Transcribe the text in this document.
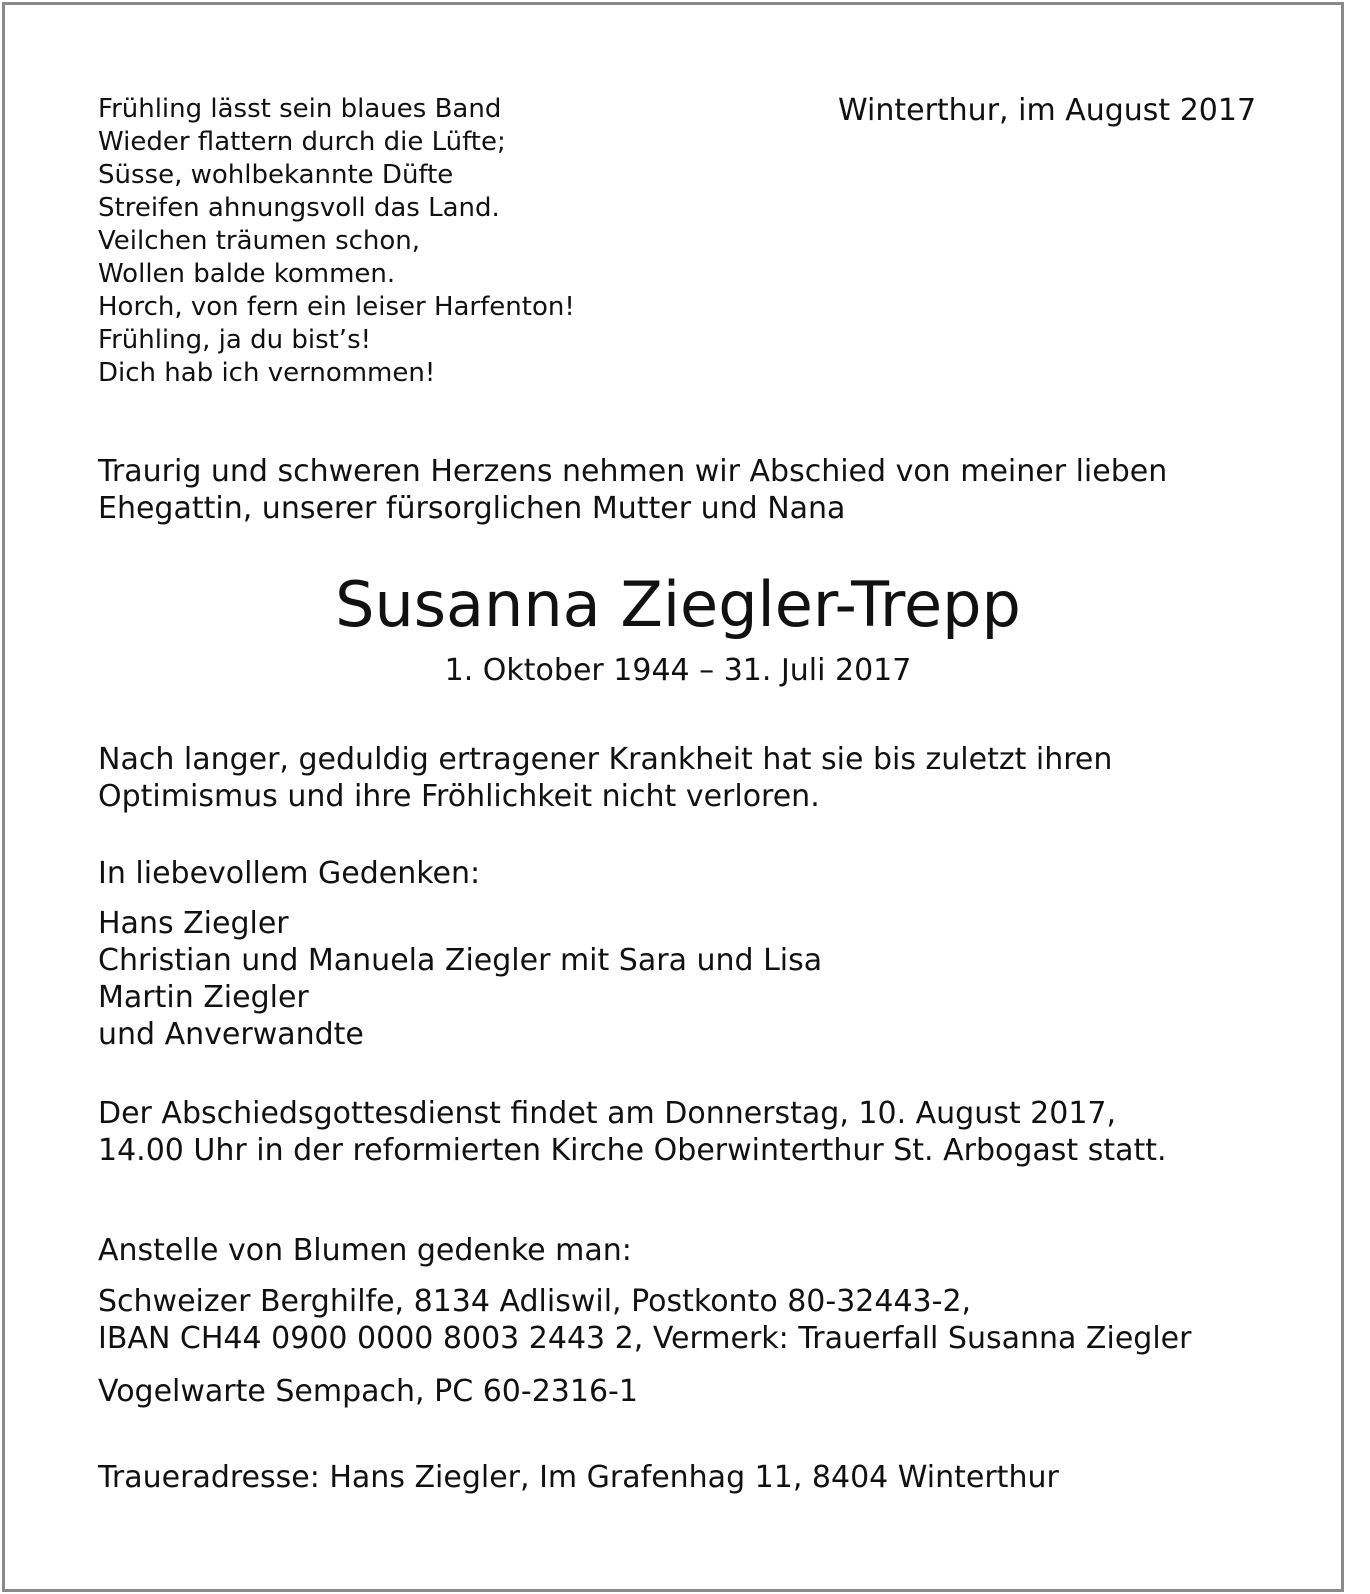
Frühling lässt sein blaues Band
Wieder flattern durch die Lüfte;
Süsse, wohlbekannte Düfte
Streifen ahnungsvoll das Land.
Veilchen träumen schon,
Wollen balde kommen.
Horch, von fern ein leiser Harfenton!
Frühling, ja du bist’s!
Dich hab ich vernommen!
Winterthur, im August 2017
Traurig und schweren Herzens nehmen wir Abschied von meiner lieben
Ehegattin, unserer fürsorglichen Mutter und Nana
Susanna Ziegler-Trepp
1. Oktober 1944 – 31. Juli 2017
Nach langer, geduldig ertragener Krankheit hat sie bis zuletzt ihren
Optimismus und ihre Fröhlichkeit nicht verloren.
In liebevollem Gedenken:
Hans Ziegler
Christian und Manuela Ziegler mit Sara und Lisa
Martin Ziegler
und Anverwandte
Der Abschiedsgottesdienst findet am Donnerstag, 10. August 2017,
14.00 Uhr in der reformierten Kirche Oberwinterthur St. Arbogast statt.
Anstelle von Blumen gedenke man:
Schweizer Berghilfe, 8134 Adliswil, Postkonto 80-32443-2,
IBAN CH44 0900 0000 8003 2443 2, Vermerk: Trauerfall Susanna Ziegler
Vogelwarte Sempach, PC 60-2316-1
Traueradresse: Hans Ziegler, Im Grafenhag 11, 8404 Winterthur
